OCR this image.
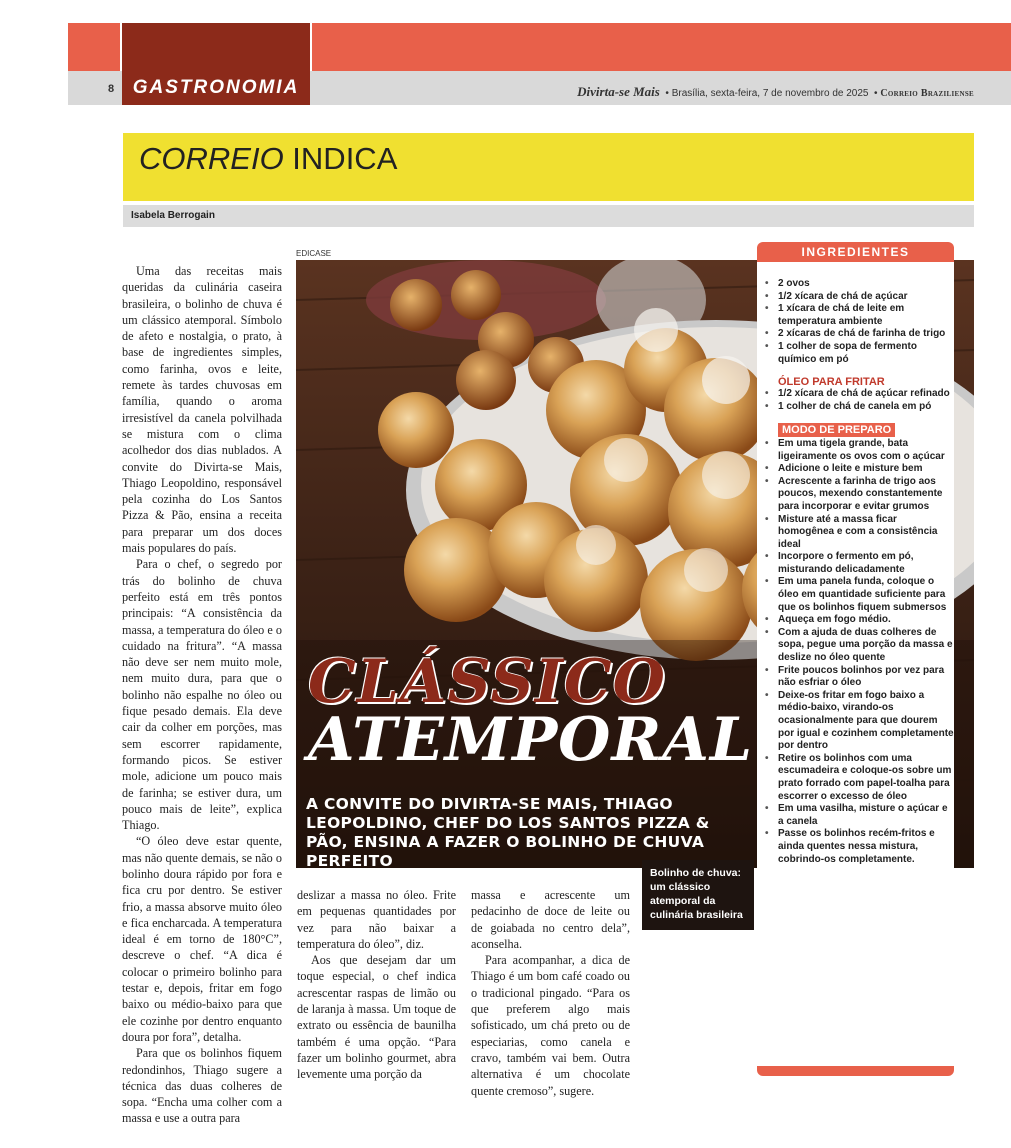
8 GASTRONOMIA	Divirta-se Mais  • Brasília, sexta-feira, 7 de novembro de 2025  • Correio Braziliense
CORREIO INDICA
Isabela Berrogain

Uma das receitas mais queridas da culinária caseira brasileira, o bolinho de chuva é um clássico atemporal. Símbolo de afeto e nostalgia, o prato, à base de ingredientes simples, como farinha, ovos e leite, remete às tardes chuvosas em família, quando o aroma irresistível da canela polvilhada se mistura com o clima acolhedor dos dias nublados. A convite do Divirta-se Mais, Thiago Leopoldino, responsável pela cozinha do Los Santos Pizza & Pão, ensina a receita para preparar um dos doces mais populares do país.

Para o chef, o segredo por trás do bolinho de chuva perfeito está em três pontos principais: “A consistência da massa, a temperatura do óleo e o cuidado na fritura”. “A massa não deve ser nem muito mole, nem muito dura, para que o bolinho não espalhe no óleo ou fique pesado demais. Ela deve cair da colher em porções, mas sem escorrer rapidamente, formando picos. Se estiver mole, adicione um pouco mais de farinha; se estiver dura, um pouco mais de leite”, explica Thiago.

“O óleo deve estar quente, mas não quente demais, se não o bolinho doura rápido por fora e fica cru por dentro. Se estiver frio, a massa absorve muito óleo e fica encharcada. A temperatura ideal é em torno de 180°C”, descreve o chef. “A dica é colocar o primeiro bolinho para testar e, depois, fritar em fogo baixo ou médio-baixo para que ele cozinhe por dentro enquanto doura por fora”, detalha.

Para que os bolinhos fiquem redondinhos, Thiago sugere a técnica das duas colheres de sopa. “Encha uma colher com a massa e use a outra para

deslizar a massa no óleo. Frite em pequenas quantidades por vez para não baixar a temperatura do óleo”, diz.

Aos que desejam dar um toque especial, o chef indica acrescentar raspas de limão ou de laranja à massa. Um toque de extrato ou essência de baunilha também é uma opção. “Para fazer um bolinho gourmet, abra levemente uma porção da

massa e acrescente um pedacinho de doce de leite ou de goiabada no centro dela”, aconselha.

Para acompanhar, a dica de Thiago é um bom café coado ou o tradicional pingado. “Para os que preferem algo mais sofisticado, um chá preto ou de especiarias, como canela e cravo, também vai bem. Outra alternativa é um chocolate quente cremoso”, sugere.

EDICASE
CLÁSSICO
ATEMPORAL
A CONVITE DO DIVIRTA-SE MAIS, THIAGO LEOPOLDINO, CHEF DO LOS SANTOS PIZZA & PÃO, ENSINA A FAZER O BOLINHO DE CHUVA PERFEITO
Bolinho de chuva: um clássico atemporal da culinária brasileira
INGREDIENTES
• 2 ovos
• 1/2 xícara de chá de açúcar
• 1 xícara de chá de leite em temperatura ambiente
• 2 xícaras de chá de farinha de trigo
• 1 colher de sopa de fermento químico em pó
ÓLEO PARA FRITAR
• 1/2 xícara de chá de açúcar refinado
• 1 colher de chá de canela em pó
MODO DE PREPARO
• Em uma tigela grande, bata ligeiramente os ovos com o açúcar
• Adicione o leite e misture bem
• Acrescente a farinha de trigo aos poucos, mexendo constantemente para incorporar e evitar grumos
• Misture até a massa ficar homogênea e com a consistência ideal
• Incorpore o fermento em pó, misturando delicadamente
• Em uma panela funda, coloque o óleo em quantidade suficiente para que os bolinhos fiquem submersos
• Aqueça em fogo médio.
• Com a ajuda de duas colheres de sopa, pegue uma porção da massa e deslize no óleo quente
• Frite poucos bolinhos por vez para não esfriar o óleo
• Deixe-os fritar em fogo baixo a médio-baixo, virando-os ocasionalmente para que dourem por igual e cozinhem completamente por dentro
• Retire os bolinhos com uma escumadeira e coloque-os sobre um prato forrado com papel-toalha para escorrer o excesso de óleo
• Em uma vasilha, misture o açúcar e a canela
• Passe os bolinhos recém-fritos e ainda quentes nessa mistura, cobrindo-os completamente.
